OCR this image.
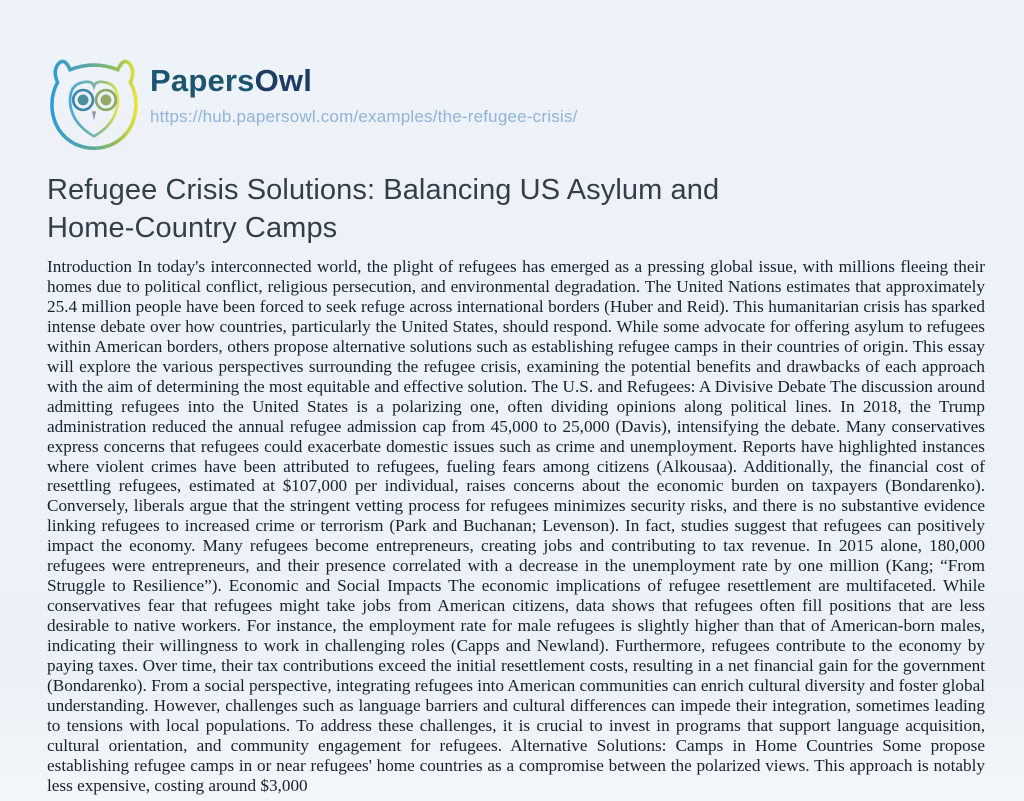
PapersOwl
https://hub.papersowl.com/examples/the-refugee-crisis/
Refugee Crisis Solutions: Balancing US Asylum and Home-Country Camps

Introduction In today's interconnected world, the plight of refugees has emerged as a pressing global issue, with millions fleeing their homes due to political conflict, religious persecution, and environmental degradation. The United Nations estimates that approximately 25.4 million people have been forced to seek refuge across international borders (Huber and Reid). This humanitarian crisis has sparked intense debate over how countries, particularly the United States, should respond. While some advocate for offering asylum to refugees within American borders, others propose alternative solutions such as establishing refugee camps in their countries of origin. This essay will explore the various perspectives surrounding the refugee crisis, examining the potential benefits and drawbacks of each approach with the aim of determining the most equitable and effective solution. The U.S. and Refugees: A Divisive Debate The discussion around admitting refugees into the United States is a polarizing one, often dividing opinions along political lines. In 2018, the Trump administration reduced the annual refugee admission cap from 45,000 to 25,000 (Davis), intensifying the debate. Many conservatives express concerns that refugees could exacerbate domestic issues such as crime and unemployment. Reports have highlighted instances where violent crimes have been attributed to refugees, fueling fears among citizens (Alkousaa). Additionally, the financial cost of resettling refugees, estimated at $107,000 per individual, raises concerns about the economic burden on taxpayers (Bondarenko). Conversely, liberals argue that the stringent vetting process for refugees minimizes security risks, and there is no substantive evidence linking refugees to increased crime or terrorism (Park and Buchanan; Levenson). In fact, studies suggest that refugees can positively impact the economy. Many refugees become entrepreneurs, creating jobs and contributing to tax revenue. In 2015 alone, 180,000 refugees were entrepreneurs, and their presence correlated with a decrease in the unemployment rate by one million (Kang; “From Struggle to Resilience”). Economic and Social Impacts The economic implications of refugee resettlement are multifaceted. While conservatives fear that refugees might take jobs from American citizens, data shows that refugees often fill positions that are less desirable to native workers. For instance, the employment rate for male refugees is slightly higher than that of American-born males, indicating their willingness to work in challenging roles (Capps and Newland). Furthermore, refugees contribute to the economy by paying taxes. Over time, their tax contributions exceed the initial resettlement costs, resulting in a net financial gain for the government (Bondarenko). From a social perspective, integrating refugees into American communities can enrich cultural diversity and foster global understanding. However, challenges such as language barriers and cultural differences can impede their integration, sometimes leading to tensions with local populations. To address these challenges, it is crucial to invest in programs that support language acquisition, cultural orientation, and community engagement for refugees. Alternative Solutions: Camps in Home Countries Some propose establishing refugee camps in or near refugees' home countries as a compromise between the polarized views. This approach is notably less expensive, costing around $3,000
